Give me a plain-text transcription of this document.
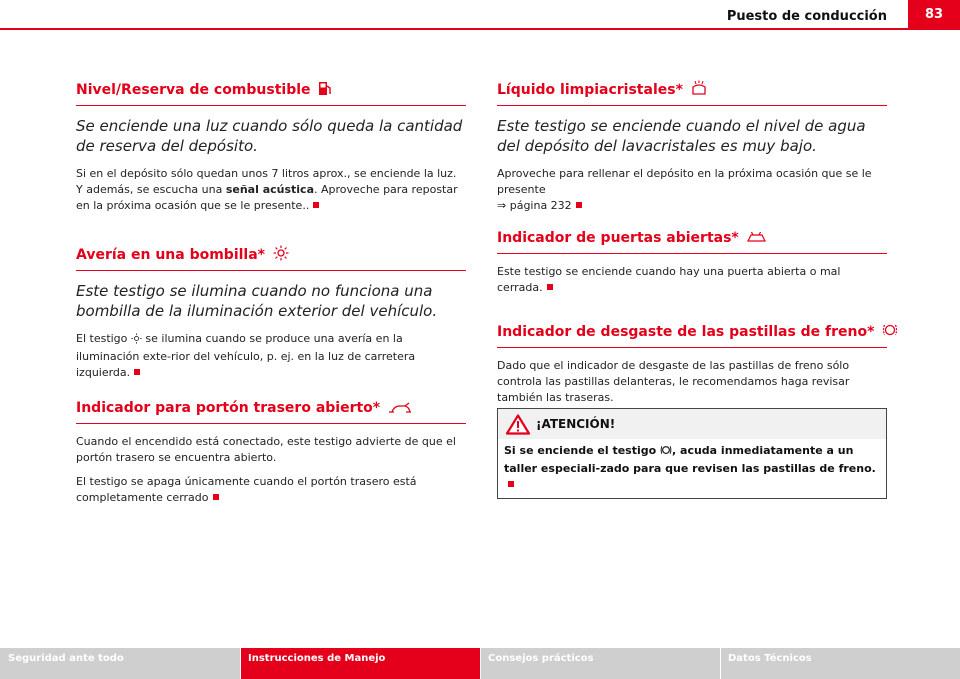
Puesto de conducción	83
Nivel/Reserva de combustible
Se enciende una luz cuando sólo queda la cantidad de reserva del depósito.
Si en el depósito sólo quedan unos 7 litros aprox., se enciende la luz. Y además, se escucha una señal acústica. Aproveche para repostar en la próxima ocasión que se le presente..
Avería en una bombilla*
Este testigo se ilumina cuando no funciona una bombilla de la iluminación exterior del vehículo.
El testigo  se ilumina cuando se produce una avería en la iluminación exte-rior del vehículo, p. ej. en la luz de carretera izquierda.
Indicador para portón trasero abierto*
Cuando el encendido está conectado, este testigo advierte de que el portón trasero se encuentra abierto.
El testigo se apaga únicamente cuando el portón trasero está completamente cerrado
Líquido limpiacristales*
Este testigo se enciende cuando el nivel de agua del depósito del lavacristales es muy bajo.
Aproveche para rellenar el depósito en la próxima ocasión que se le presente
⇒ página 232
Indicador de puertas abiertas*
Este testigo se enciende cuando hay una puerta abierta o mal cerrada.
Indicador de desgaste de las pastillas de freno*
Dado que el indicador de desgaste de las pastillas de freno sólo controla las pastillas delanteras, le recomendamos haga revisar también las traseras.
¡ATENCIÓN!
Si se enciende el testigo , acuda inmediatamente a un taller especiali-zado para que revisen las pastillas de freno.
Seguridad ante todo	Instrucciones de Manejo	Consejos prácticos	Datos Técnicos
